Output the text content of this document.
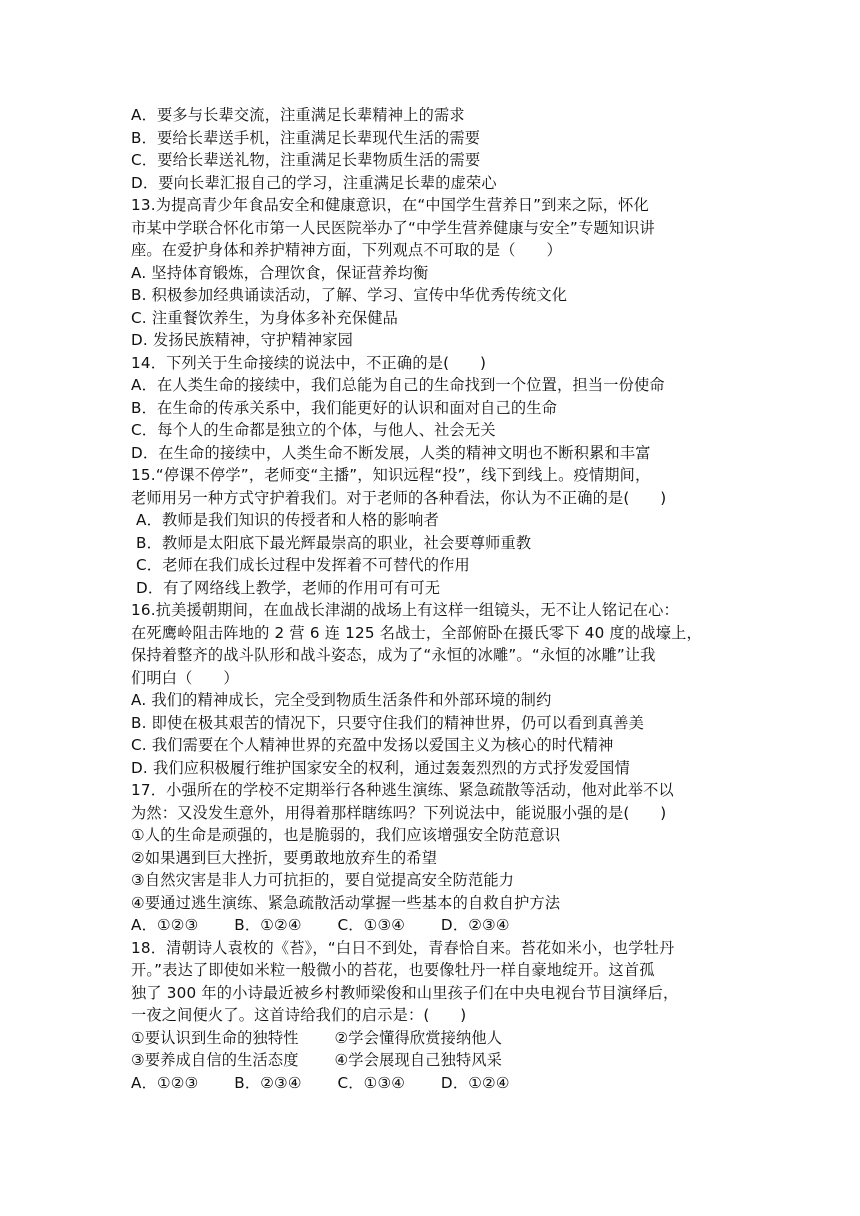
A．要多与长辈交流，注重满足长辈精神上的需求
B．要给长辈送手机，注重满足长辈现代生活的需要
C．要给长辈送礼物，注重满足长辈物质生活的需要
D．要向长辈汇报自己的学习，注重满足长辈的虚荣心
13.为提高青少年食品安全和健康意识，在“中国学生营养日”到来之际，怀化
市某中学联合怀化市第一人民医院举办了“中学生营养健康与安全”专题知识讲
座。在爱护身体和养护精神方面，下列观点不可取的是（　　）
A. 坚持体育锻炼，合理饮食，保证营养均衡
B. 积极参加经典诵读活动，了解、学习、宣传中华优秀传统文化
C. 注重餐饮养生，为身体多补充保健品
D. 发扬民族精神，守护精神家园
14．下列关于生命接续的说法中，不正确的是(　　)
A．在人类生命的接续中，我们总能为自己的生命找到一个位置，担当一份使命
B．在生命的传承关系中，我们能更好的认识和面对自己的生命
C．每个人的生命都是独立的个体，与他人、社会无关
D．在生命的接续中，人类生命不断发展，人类的精神文明也不断积累和丰富
15.“停课不停学”，老师变“主播”，知识远程“投”，线下到线上。疫情期间，
老师用另一种方式守护着我们。对于老师的各种看法，你认为不正确的是(　　)
A．教师是我们知识的传授者和人格的影响者
B．教师是太阳底下最光辉最崇高的职业，社会要尊师重教
C．老师在我们成长过程中发挥着不可替代的作用
D．有了网络线上教学，老师的作用可有可无
16.抗美援朝期间，在血战长津湖的战场上有这样一组镜头，无不让人铭记在心：
在死鹰岭阻击阵地的 2 营 6 连 125 名战士，全部俯卧在摄氏零下 40 度的战壕上，
保持着整齐的战斗队形和战斗姿态，成为了“永恒的冰雕”。“永恒的冰雕”让我
们明白（　　）
A. 我们的精神成长，完全受到物质生活条件和外部环境的制约
B. 即使在极其艰苦的情况下，只要守住我们的精神世界，仍可以看到真善美
C. 我们需要在个人精神世界的充盈中发扬以爱国主义为核心的时代精神
D. 我们应积极履行维护国家安全的权利，通过轰轰烈烈的方式抒发爱国情
17．小强所在的学校不定期举行各种逃生演练、紧急疏散等活动，他对此举不以
为然：又没发生意外，用得着那样瞎练吗？下列说法中，能说服小强的是(　　)
①人的生命是顽强的，也是脆弱的，我们应该增强安全防范意识
②如果遇到巨大挫折，要勇敢地放弃生的希望
③自然灾害是非人力可抗拒的，要自觉提高安全防范能力
④要通过逃生演练、紧急疏散活动掌握一些基本的自救自护方法
A．①②③　　 B．①②④　　 C．①③④　　 D．②③④
18．清朝诗人袁枚的《苔》，“白日不到处，青春恰自来。苔花如米小，也学牡丹
开。”表达了即使如米粒一般微小的苔花，也要像牡丹一样自豪地绽开。这首孤
独了 300 年的小诗最近被乡村教师梁俊和山里孩子们在中央电视台节目演绎后，
一夜之间便火了。这首诗给我们的启示是：(　　)
①要认识到生命的独特性　　 ②学会懂得欣赏接纳他人
③要养成自信的生活态度　　 ④学会展现自己独特风采
A．①②③　　 B．②③④　　 C．①③④　　 D．①②④
